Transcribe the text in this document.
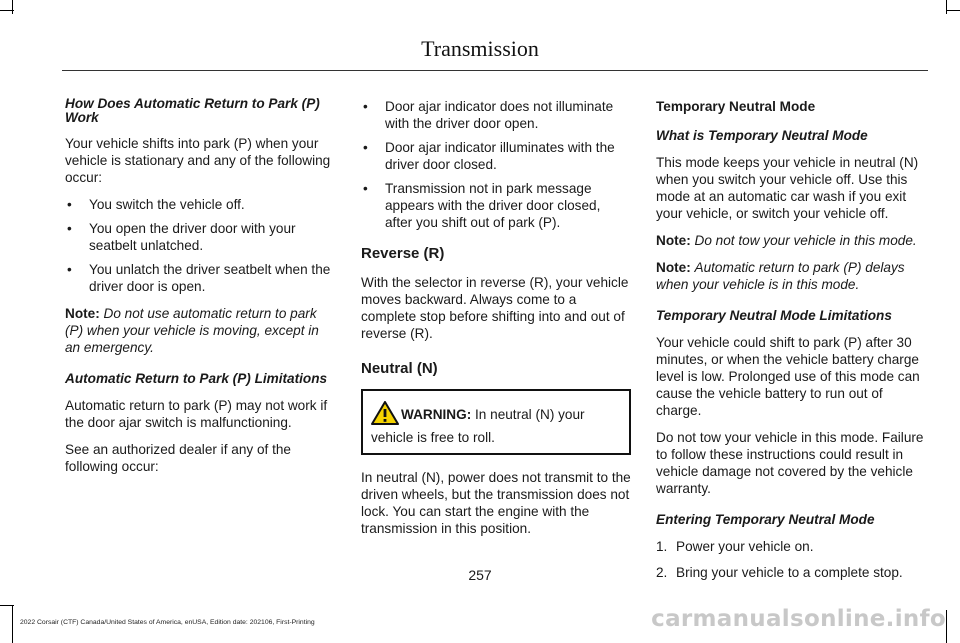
Transmission

How Does Automatic Return to Park (P) Work

Your vehicle shifts into park (P) when your vehicle is stationary and any of the following occur:

• You switch the vehicle off.
• You open the driver door with your seatbelt unlatched.
• You unlatch the driver seatbelt when the driver door is open.

Note: Do not use automatic return to park (P) when your vehicle is moving, except in an emergency.

Automatic Return to Park (P) Limitations

Automatic return to park (P) may not work if the door ajar switch is malfunctioning.

See an authorized dealer if any of the following occur:

• Door ajar indicator does not illuminate with the driver door open.
• Door ajar indicator illuminates with the driver door closed.
• Transmission not in park message appears with the driver door closed, after you shift out of park (P).

Reverse (R)

With the selector in reverse (R), your vehicle moves backward. Always come to a complete stop before shifting into and out of reverse (R).

Neutral (N)

WARNING: In neutral (N) your vehicle is free to roll.

In neutral (N), power does not transmit to the driven wheels, but the transmission does not lock. You can start the engine with the transmission in this position.

Temporary Neutral Mode

What is Temporary Neutral Mode

This mode keeps your vehicle in neutral (N) when you switch your vehicle off. Use this mode at an automatic car wash if you exit your vehicle, or switch your vehicle off.

Note: Do not tow your vehicle in this mode.

Note: Automatic return to park (P) delays when your vehicle is in this mode.

Temporary Neutral Mode Limitations

Your vehicle could shift to park (P) after 30 minutes, or when the vehicle battery charge level is low. Prolonged use of this mode can cause the vehicle battery to run out of charge.

Do not tow your vehicle in this mode. Failure to follow these instructions could result in vehicle damage not covered by the vehicle warranty.

Entering Temporary Neutral Mode

1. Power your vehicle on.
2. Bring your vehicle to a complete stop.
257
2022 Corsair (CTF) Canada/United States of America, enUSA, Edition date: 202106, First-Printing	carmanualsonline.info
